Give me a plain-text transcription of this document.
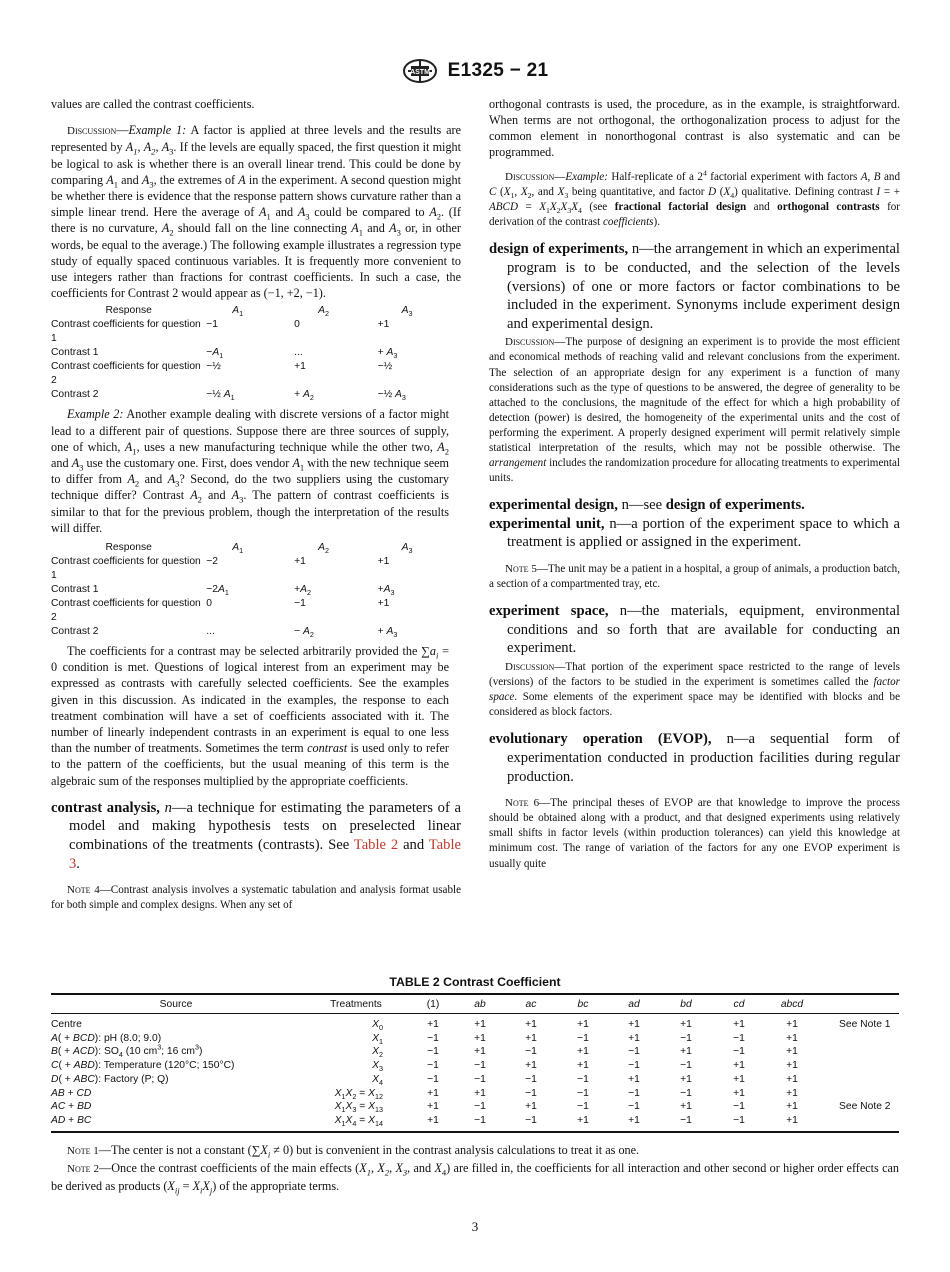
ASTM E1325 − 21

values are called the contrast coefficients.

Discussion—Example 1: A factor is applied at three levels and the results are represented by $A_1$, $A_2$, $A_3$. If the levels are equally spaced, the first question it might be logical to ask is whether there is an overall linear trend. This could be done by comparing $A_1$ and $A_3$, the extremes of A in the experiment. A second question might be whether there is evidence that the response pattern shows curvature rather than a simple linear trend. Here the average of $A_1$ and $A_3$ could be compared to $A_2$. (If there is no curvature, $A_2$ should fall on the line connecting $A_1$ and $A_3$ or, in other words, be equal to the average.) The following example illustrates a regression type study of equally spaced continuous variables. It is frequently more convenient to use integers rather than fractions for contrast coefficients. In such a case, the coefficients for Contrast 2 would appear as (−1, +2, −1).

Response	$A_1$	$A_2$	$A_3$
Contrast coefficients for question 1	−1	0	+1
Contrast 1	$-A_1$	...	+ $A_3$
Contrast coefficients for question 2	−½	+1	−½
Contrast 2	−½ $A_1$	+ $A_2$	−½ $A_3$

Example 2: Another example dealing with discrete versions of a factor might lead to a different pair of questions. Suppose there are three sources of supply, one of which, $A_1$, uses a new manufacturing technique while the other two, $A_2$ and $A_3$ use the customary one. First, does vendor $A_1$ with the new technique seem to differ from $A_2$ and $A_3$? Second, do the two suppliers using the customary technique differ? Contrast $A_2$ and $A_3$. The pattern of contrast coefficients is similar to that for the previous problem, though the interpretation of the results will differ.

Response	$A_1$	$A_2$	$A_3$
Contrast coefficients for question 1	−2	+1	+1
Contrast 1	$-2A_1$	$+A_2$	$+A_3$
Contrast coefficients for question 2	0	−1	+1
Contrast 2	...	− $A_2$	+ $A_3$

The coefficients for a contrast may be selected arbitrarily provided the $\sum a_i = 0$ condition is met. Questions of logical interest from an experiment may be expressed as contrasts with carefully selected coefficients. See the examples given in this discussion. As indicated in the examples, the response to each treatment combination will have a set of coefficients associated with it. The number of linearly independent contrasts in an experiment is equal to one less than the number of treatments. Sometimes the term contrast is used only to refer to the pattern of the coefficients, but the usual meaning of this term is the algebraic sum of the responses multiplied by the appropriate coefficients.

contrast analysis, n—a technique for estimating the parameters of a model and making hypothesis tests on preselected linear combinations of the treatments (contrasts). See Table 2 and Table 3.

Note 4—Contrast analysis involves a systematic tabulation and analysis format usable for both simple and complex designs. When any set of

orthogonal contrasts is used, the procedure, as in the example, is straightforward. When terms are not orthogonal, the orthogonalization process to adjust for the common element in nonorthogonal contrast is also systematic and can be programmed.

Discussion—Example: Half-replicate of a $2^4$ factorial experiment with factors A, B and C ($X_1$, $X_2$, and $X_3$ being quantitative, and factor D $(X_4)$ qualitative. Defining contrast I = + ABCD = $X_1X_2X_3X_4$ (see fractional factorial design and orthogonal contrasts for derivation of the contrast coefficients).

design of experiments, n—the arrangement in which an experimental program is to be conducted, and the selection of the levels (versions) of one or more factors or factor combinations to be included in the experiment. Synonyms include experiment design and experimental design.

Discussion—The purpose of designing an experiment is to provide the most efficient and economical methods of reaching valid and relevant conclusions from the experiment. The selection of an appropriate design for any experiment is a function of many considerations such as the type of questions to be answered, the degree of generality to be attached to the conclusions, the magnitude of the effect for which a high probability of detection (power) is desired, the homogeneity of the experimental units and the cost of performing the experiment. A properly designed experiment will permit relatively simple statistical interpretation of the results, which may not be possible otherwise. The arrangement includes the randomization procedure for allocating treatments to experimental units.

experimental design, n—see design of experiments.

experimental unit, n—a portion of the experiment space to which a treatment is applied or assigned in the experiment.

Note 5—The unit may be a patient in a hospital, a group of animals, a production batch, a section of a compartmented tray, etc.

experiment space, n—the materials, equipment, environmental conditions and so forth that are available for conducting an experiment.

Discussion—That portion of the experiment space restricted to the range of levels (versions) of the factors to be studied in the experiment is sometimes called the factor space. Some elements of the experiment space may be identified with blocks and be considered as block factors.

evolutionary operation (EVOP), n—a sequential form of experimentation conducted in production facilities during regular production.

Note 6—The principal theses of EVOP are that knowledge to improve the process should be obtained along with a product, and that designed experiments using relatively small shifts in factor levels (within production tolerances) can yield this knowledge at minimum cost. The range of variation of the factors for any one EVOP experiment is usually quite

TABLE 2 Contrast Coefficient
Source	Treatments	(1)	ab	ac	bc	ad	bd	cd	abcd	
Centre	$X_0$	+1	+1	+1	+1	+1	+1	+1	+1	See Note 1
A( + BCD): pH (8.0; 9.0)	$X_1$	−1	+1	+1	−1	+1	−1	−1	+1	
B( + ACD): $SO_4$ (10 $cm^3$; 16 $cm^3$)	$X_2$	−1	+1	−1	+1	−1	+1	−1	+1	
C( + ABD): Temperature (120°C; 150°C)	$X_3$	−1	−1	+1	+1	−1	−1	+1	+1	
D( + ABC): Factory (P; Q)	$X_4$	−1	−1	−1	−1	+1	+1	+1	+1	
AB + CD	$X_1X_2 = X_{12}$	+1	+1	−1	−1	−1	−1	+1	+1	
AC + BD	$X_1X_3 = X_{13}$	+1	−1	+1	−1	−1	+1	−1	+1	See Note 2
AD + BC	$X_1X_4 = X_{14}$	+1	−1	−1	+1	+1	−1	−1	+1	

Note 1—The center is not a constant $(\sum X_i \ne 0)$ but is convenient in the contrast analysis calculations to treat it as one.

Note 2—Once the contrast coefficients of the main effects ($X_1$, $X_2$, $X_3$, and $X_4$) are filled in, the coefficients for all interaction and other second or higher order effects can be derived as products $(X_{ij} = X_iX_j)$ of the appropriate terms.

3
